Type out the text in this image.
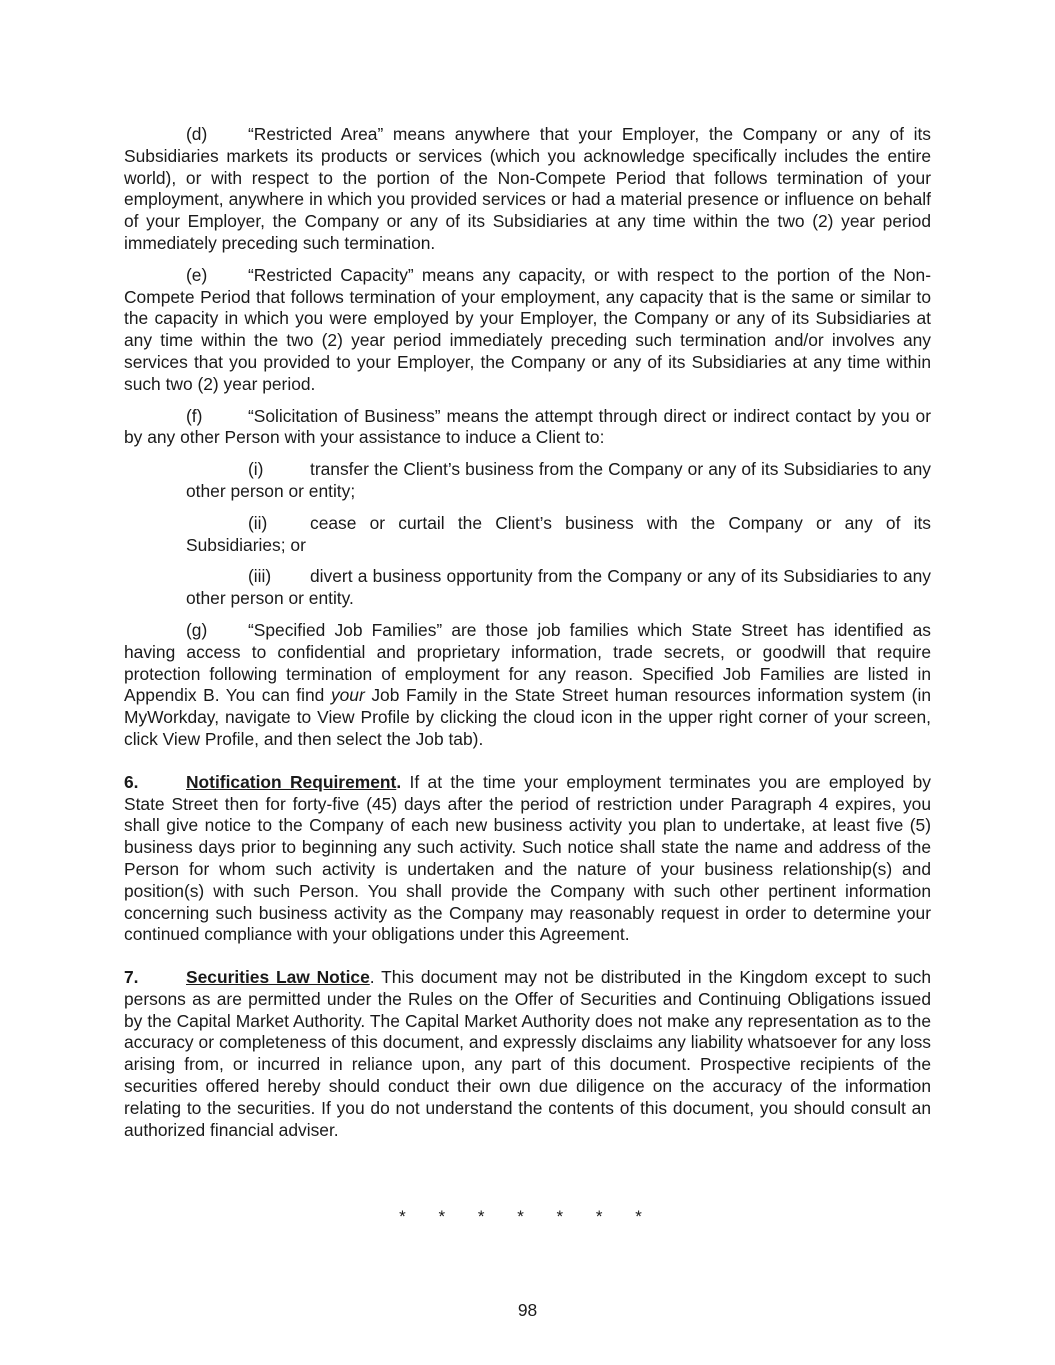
(d) “Restricted Area” means anywhere that your Employer, the Company or any of its Subsidiaries markets its products or services (which you acknowledge specifically includes the entire world), or with respect to the portion of the Non-Compete Period that follows termination of your employment, anywhere in which you provided services or had a material presence or influence on behalf of your Employer, the Company or any of its Subsidiaries at any time within the two (2) year period immediately preceding such termination.

(e) “Restricted Capacity” means any capacity, or with respect to the portion of the Non-Compete Period that follows termination of your employment, any capacity that is the same or similar to the capacity in which you were employed by your Employer, the Company or any of its Subsidiaries at any time within the two (2) year period immediately preceding such termination and/or involves any services that you provided to your Employer, the Company or any of its Subsidiaries at any time within such two (2) year period.

(f)	“Solicitation of Business” means the attempt through direct or indirect contact by you or by any other Person with your assistance to induce a Client to:

(i)	transfer the Client’s business from the Company or any of its Subsidiaries to any other person or entity;

(ii) cease or curtail the Client’s business with the Company or any of its Subsidiaries; or

(iii) divert a business opportunity from the Company or any of its Subsidiaries to any other person or entity.

(g) “Specified Job Families” are those job families which State Street has identified as having access to confidential and proprietary information, trade secrets, or goodwill that require protection following termination of employment for any reason. Specified Job Families are listed in Appendix B. You can find your Job Family in the State Street human resources information system (in MyWorkday, navigate to View Profile by clicking the cloud icon in the upper right corner of your screen, click View Profile, and then select the Job tab).

6.	Notification Requirement. If at the time your employment terminates you are employed by State Street then for forty-five (45) days after the period of restriction under Paragraph 4 expires, you shall give notice to the Company of each new business activity you plan to undertake, at least five (5) business days prior to beginning any such activity. Such notice shall state the name and address of the Person for whom such activity is undertaken and the nature of your business relationship(s) and position(s) with such Person. You shall provide the Company with such other pertinent information concerning such business activity as the Company may reasonably request in order to determine your continued compliance with your obligations under this Agreement.

7.	Securities Law Notice. This document may not be distributed in the Kingdom except to such persons as are permitted under the Rules on the Offer of Securities and Continuing Obligations issued by the Capital Market Authority. The Capital Market Authority does not make any representation as to the accuracy or completeness of this document, and expressly disclaims any liability whatsoever for any loss arising from, or incurred in reliance upon, any part of this document. Prospective recipients of the securities offered hereby should conduct their own due diligence on the accuracy of the information relating to the securities. If you do not understand the contents of this document, you should consult an authorized financial adviser.

* * * * * * *
98
